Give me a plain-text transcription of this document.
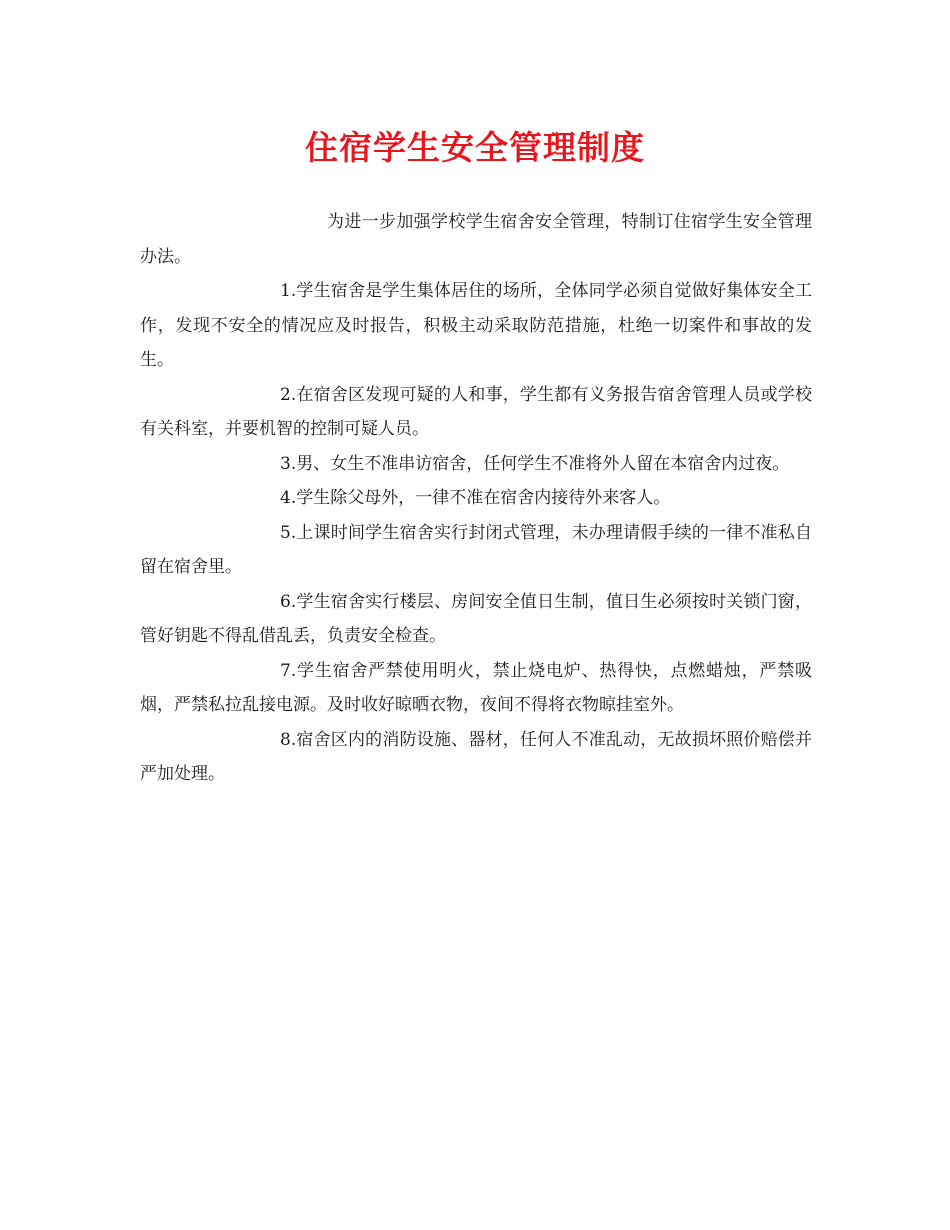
住宿学生安全管理制度

为进一步加强学校学生宿舍安全管理，特制订住宿学生安全管理办法。

1.学生宿舍是学生集体居住的场所，全体同学必须自觉做好集体安全工作，发现不安全的情况应及时报告，积极主动采取防范措施，杜绝一切案件和事故的发生。

2.在宿舍区发现可疑的人和事，学生都有义务报告宿舍管理人员或学校有关科室，并要机智的控制可疑人员。

3.男、女生不准串访宿舍，任何学生不准将外人留在本宿舍内过夜。

4.学生除父母外，一律不准在宿舍内接待外来客人。

5.上课时间学生宿舍实行封闭式管理，未办理请假手续的一律不准私自留在宿舍里。

6.学生宿舍实行楼层、房间安全值日生制，值日生必须按时关锁门窗，管好钥匙不得乱借乱丢，负责安全检查。

7.学生宿舍严禁使用明火，禁止烧电炉、热得快，点燃蜡烛，严禁吸烟，严禁私拉乱接电源。及时收好晾晒衣物，夜间不得将衣物晾挂室外。

8.宿舍区内的消防设施、器材，任何人不准乱动，无故损坏照价赔偿并严加处理。
